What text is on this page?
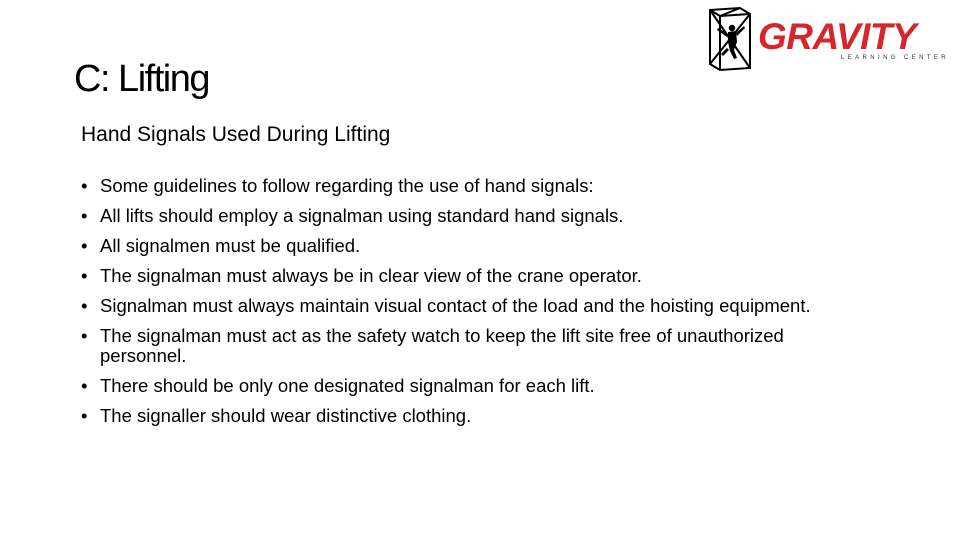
GRAVITY
LEARNING CENTER
C: Lifting
Hand Signals Used During Lifting
• Some guidelines to follow regarding the use of hand signals:
• All lifts should employ a signalman using standard hand signals.
• All signalmen must be qualified.
• The signalman must always be in clear view of the crane operator.
• Signalman must always maintain visual contact of the load and the hoisting equipment.
• The signalman must act as the safety watch to keep the lift site free of unauthorized personnel.
• There should be only one designated signalman for each lift.
• The signaller should wear distinctive clothing.
